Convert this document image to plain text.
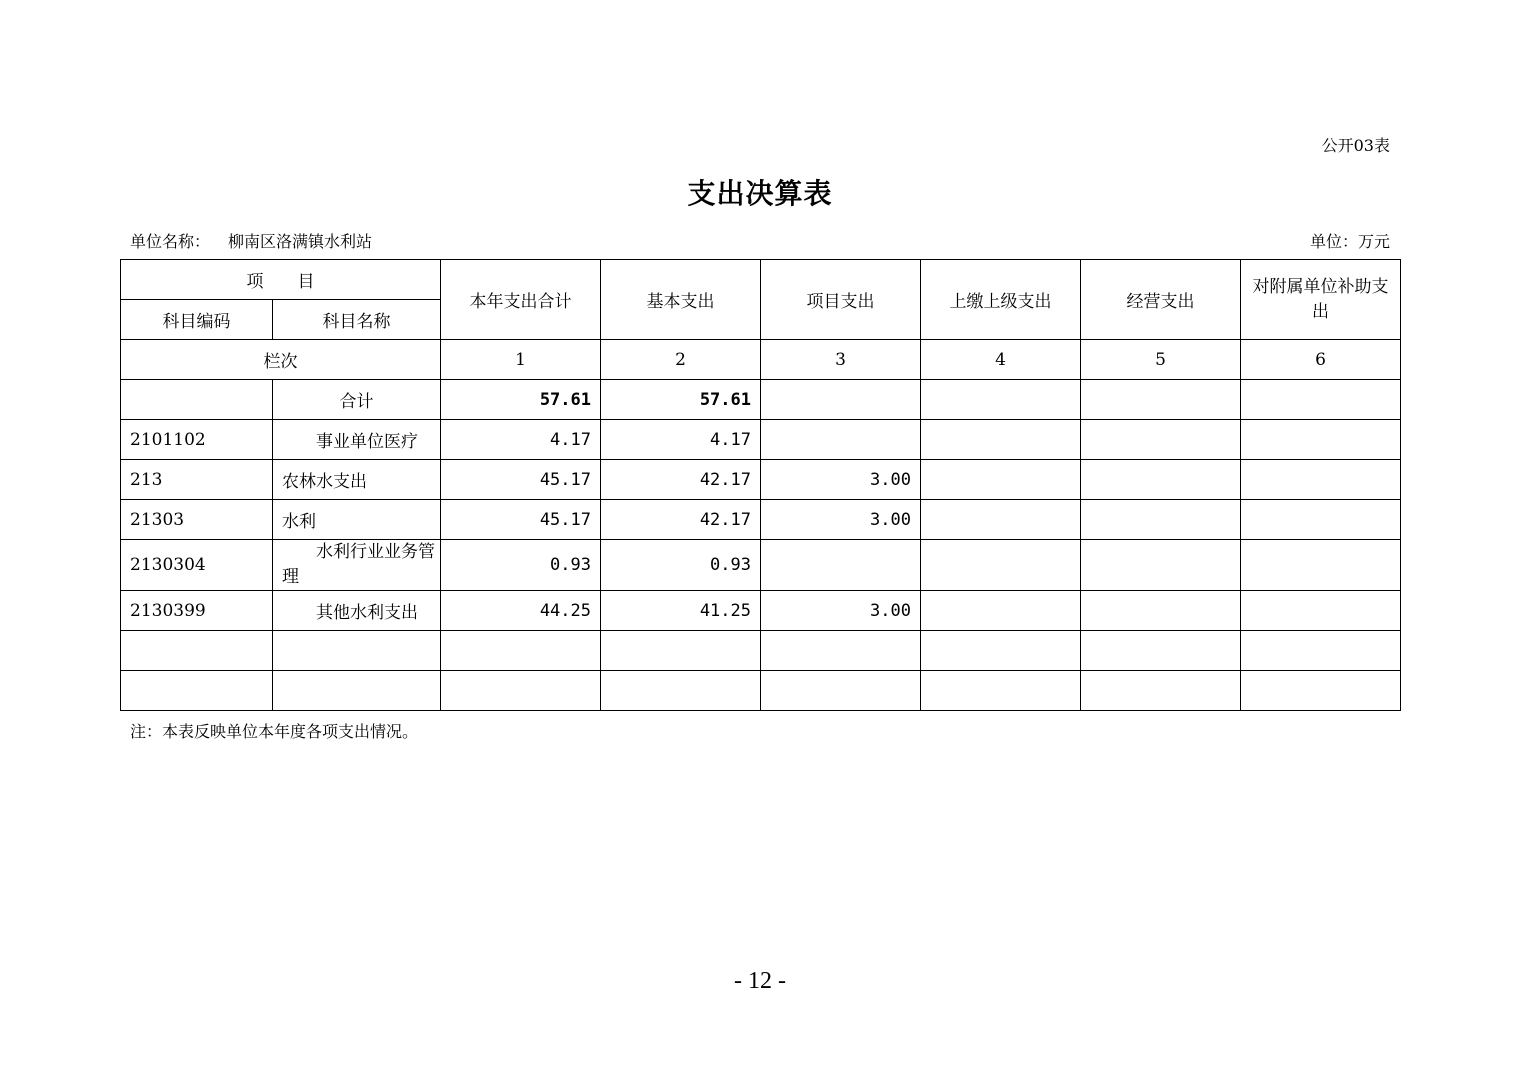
公开03表
支出决算表
单位名称： 柳南区洛满镇水利站	单位：万元
项　　目		本年支出合计	基本支出	项目支出	上缴上级支出	经营支出	对附属单位补助支出
科目编码	科目名称						
栏次		1	2	3	4	5	6
	合计	57.61	57.61				
2101102	事业单位医疗	4.17	4.17				
213	农林水支出	45.17	42.17	3.00			
21303	水利	45.17	42.17	3.00			
2130304	水利行业业务管理	0.93	0.93				
2130399	其他水利支出	44.25	41.25	3.00			

注：本表反映单位本年度各项支出情况。
- 12 -
